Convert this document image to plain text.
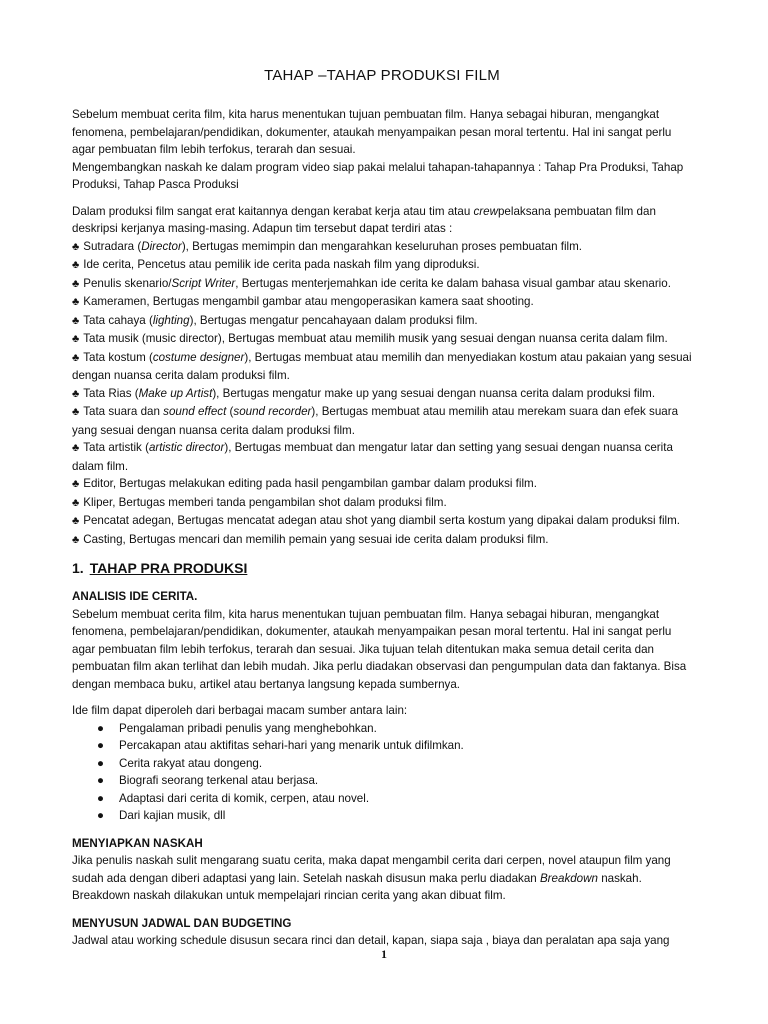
TAHAP –TAHAP PRODUKSI FILM

Sebelum membuat cerita film, kita harus menentukan tujuan pembuatan film. Hanya sebagai hiburan, mengangkat fenomena, pembelajaran/pendidikan, dokumenter, ataukah menyampaikan pesan moral tertentu. Hal ini sangat perlu agar pembuatan film lebih terfokus, terarah dan sesuai.

Mengembangkan naskah ke dalam program video siap pakai melalui tahapan-tahapannya : Tahap Pra Produksi, Tahap Produksi, Tahap Pasca Produksi

Dalam produksi film sangat erat kaitannya dengan kerabat kerja atau tim atau crewpelaksana pembuatan film dan deskripsi kerjanya masing-masing. Adapun tim tersebut dapat terdiri atas :

♣ Sutradara (Director), Bertugas memimpin dan mengarahkan keseluruhan proses pembuatan film.
♣ Ide cerita, Pencetus atau pemilik ide cerita pada naskah film yang diproduksi.
♣ Penulis skenario/Script Writer, Bertugas menterjemahkan ide cerita ke dalam bahasa visual gambar atau skenario.
♣ Kameramen, Bertugas mengambil gambar atau mengoperasikan kamera saat shooting.
♣ Tata cahaya (lighting), Bertugas mengatur pencahayaan dalam produksi film.
♣ Tata musik (music director), Bertugas membuat atau memilih musik yang sesuai dengan nuansa cerita dalam film.
♣ Tata kostum (costume designer), Bertugas membuat atau memilih dan menyediakan kostum atau pakaian yang sesuai dengan nuansa cerita dalam produksi film.
♣ Tata Rias (Make up Artist), Bertugas mengatur make up yang sesuai dengan nuansa cerita dalam produksi film.
♣ Tata suara dan sound effect (sound recorder), Bertugas membuat atau memilih atau merekam suara dan efek suara yang sesuai dengan nuansa cerita dalam produksi film.
♣ Tata artistik (artistic director), Bertugas membuat dan mengatur latar dan setting yang sesuai dengan nuansa cerita dalam film.
♣ Editor, Bertugas melakukan editing pada hasil pengambilan gambar dalam produksi film.
♣ Kliper, Bertugas memberi tanda pengambilan shot dalam produksi film.
♣ Pencatat adegan, Bertugas mencatat adegan atau shot yang diambil serta kostum yang dipakai dalam produksi film.
♣ Casting, Bertugas mencari dan memilih pemain yang sesuai ide cerita dalam produksi film.
1. TAHAP PRA PRODUKSI
ANALISIS IDE CERITA.

Sebelum membuat cerita film, kita harus menentukan tujuan pembuatan film. Hanya sebagai hiburan, mengangkat fenomena, pembelajaran/pendidikan, dokumenter, ataukah menyampaikan pesan moral tertentu. Hal ini sangat perlu agar pembuatan film lebih terfokus, terarah dan sesuai. Jika tujuan telah ditentukan maka semua detail cerita dan pembuatan film akan terlihat dan lebih mudah. Jika perlu diadakan observasi dan pengumpulan data dan faktanya. Bisa dengan membaca buku, artikel atau bertanya langsung kepada sumbernya.

Ide film dapat diperoleh dari berbagai macam sumber antara lain:

● Pengalaman pribadi penulis yang menghebohkan.
● Percakapan atau aktifitas sehari-hari yang menarik untuk difilmkan.
● Cerita rakyat atau dongeng.
● Biografi seorang terkenal atau berjasa.
● Adaptasi dari cerita di komik, cerpen, atau novel.
● Dari kajian musik, dll
MENYIAPKAN NASKAH

Jika penulis naskah sulit mengarang suatu cerita, maka dapat mengambil cerita dari cerpen, novel ataupun film yang sudah ada dengan diberi adaptasi yang lain. Setelah naskah disusun maka perlu diadakan Breakdown naskah. Breakdown naskah dilakukan untuk mempelajari rincian cerita yang akan dibuat film.

MENYUSUN JADWAL DAN BUDGETING

Jadwal atau working schedule disusun secara rinci dan detail, kapan, siapa saja , biaya dan peralatan apa saja yang

1
